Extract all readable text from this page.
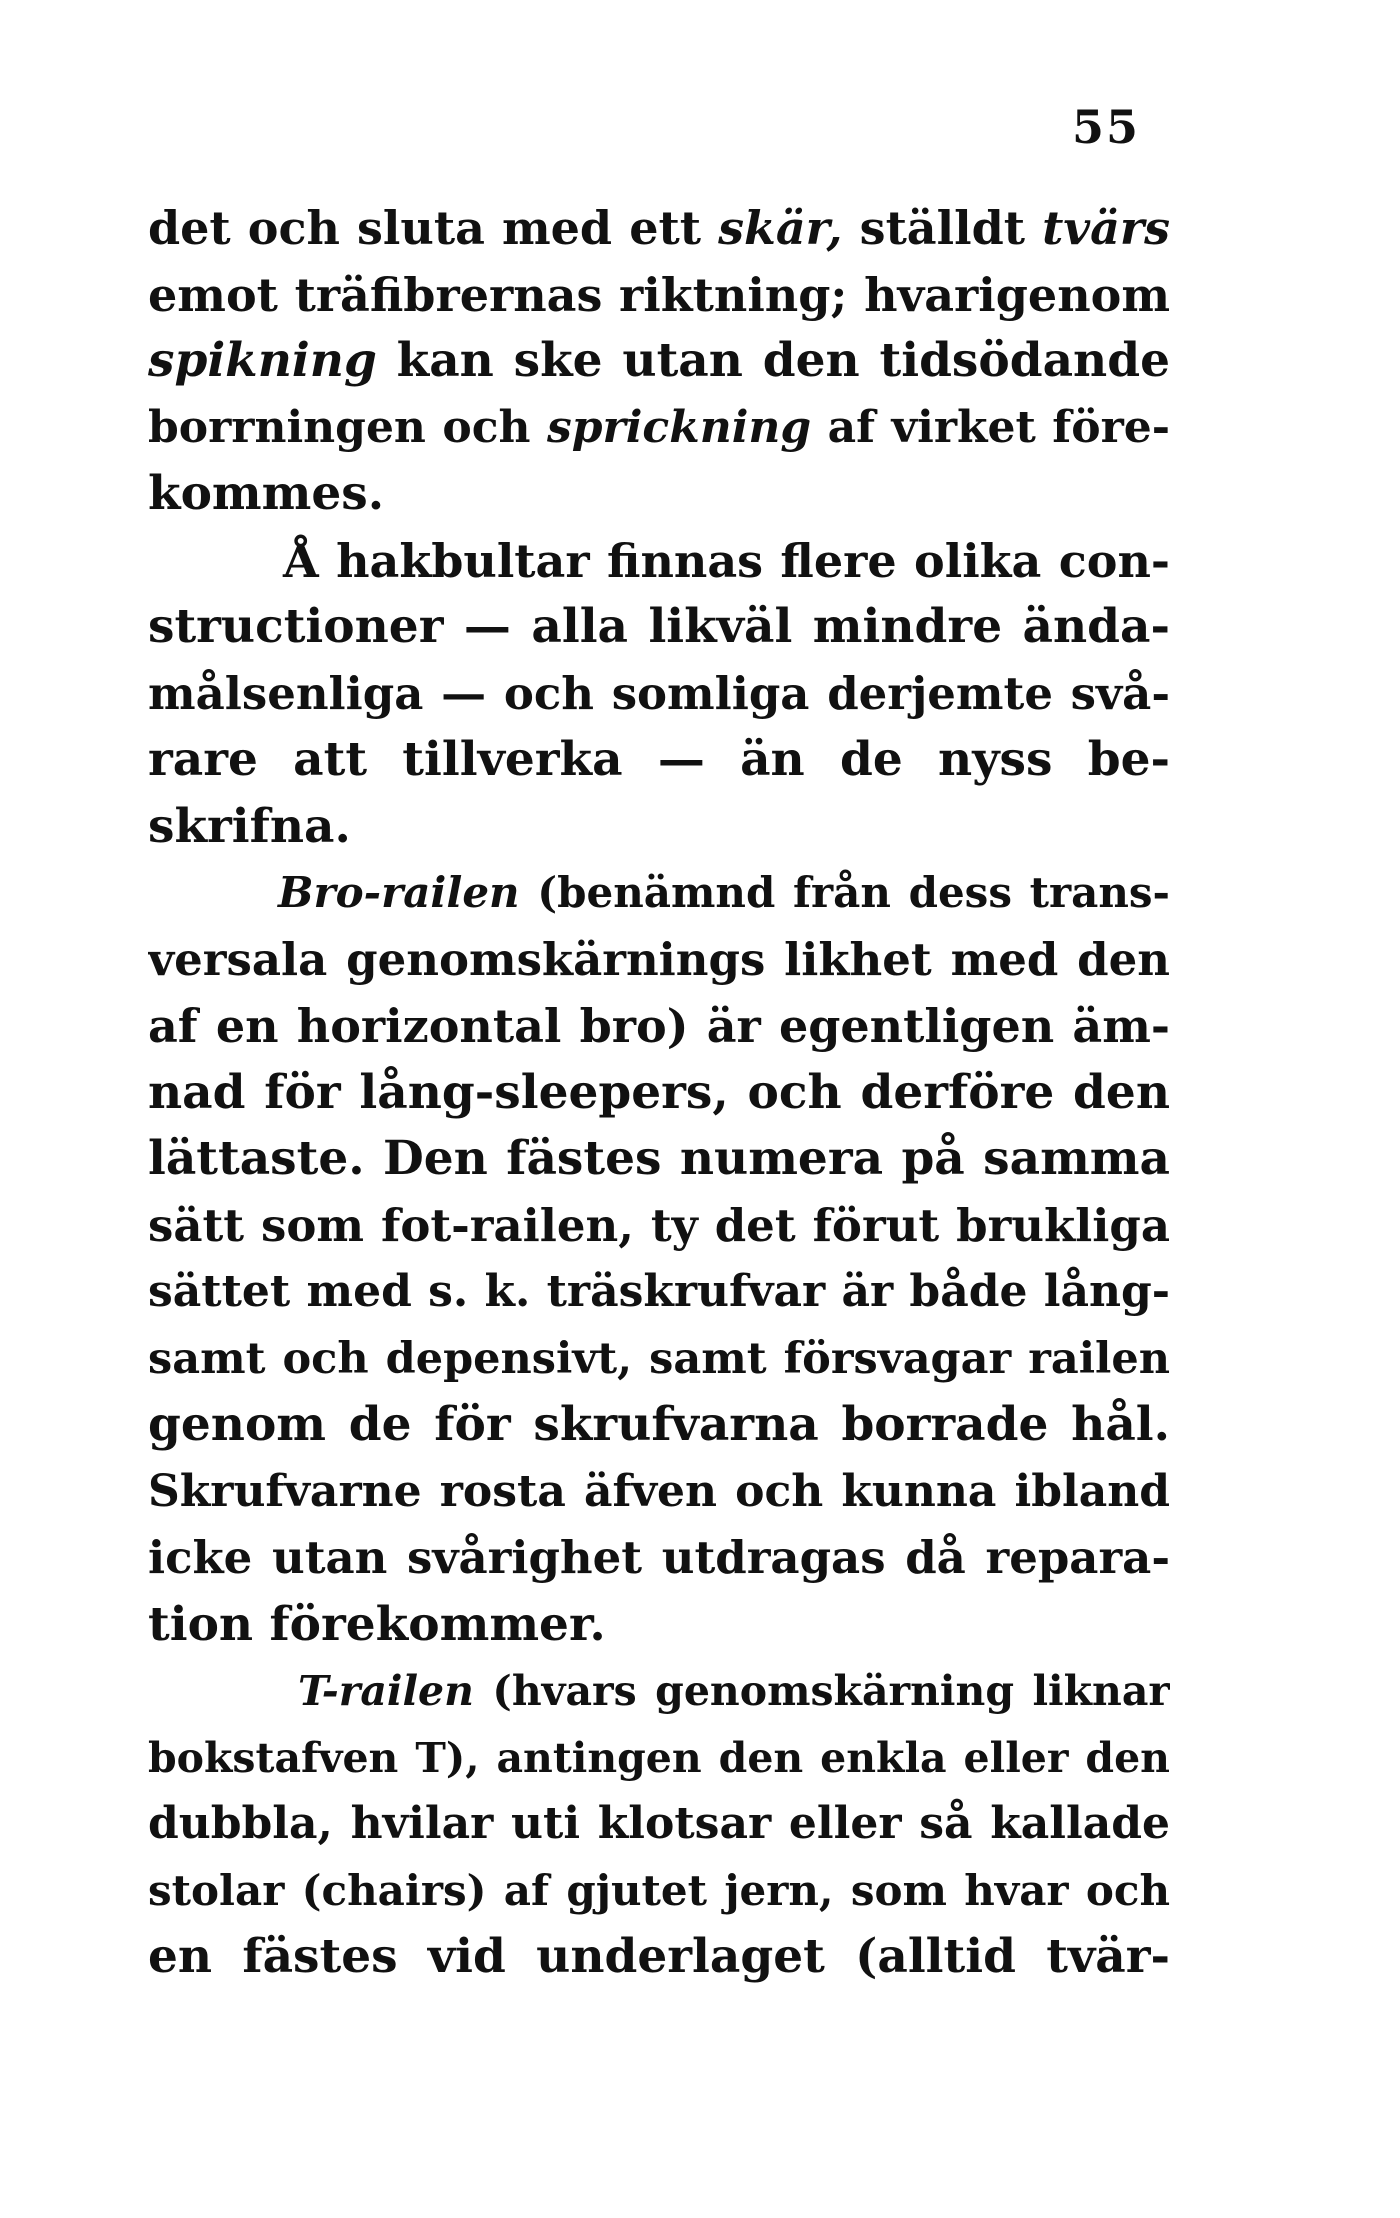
55
det och sluta med ett skär, ställdt tvärs
emot träfibrernas riktning; hvarigenom
spikning kan ske utan den tidsödande
borrningen och sprickning af virket före-
kommes.
Å hakbultar finnas flere olika con-
structioner — alla likväl mindre ända-
målsenliga — och somliga derjemte svå-
rare att tillverka — än de nyss be-
skrifna.
Bro-railen (benämnd från dess trans-
versala genomskärnings likhet med den
af en horizontal bro) är egentligen äm-
nad för lång-sleepers, och derföre den
lättaste. Den fästes numera på samma
sätt som fot-railen, ty det förut brukliga
sättet med s. k. träskrufvar är både lång-
samt och depensivt, samt försvagar railen
genom de för skrufvarna borrade hål.
Skrufvarne rosta äfven och kunna ibland
icke utan svårighet utdragas då repara-
tion förekommer.
T-railen (hvars genomskärning liknar
bokstafven T), antingen den enkla eller den
dubbla, hvilar uti klotsar eller så kallade
stolar (chairs) af gjutet jern, som hvar och
en fästes vid underlaget (alltid tvär-
